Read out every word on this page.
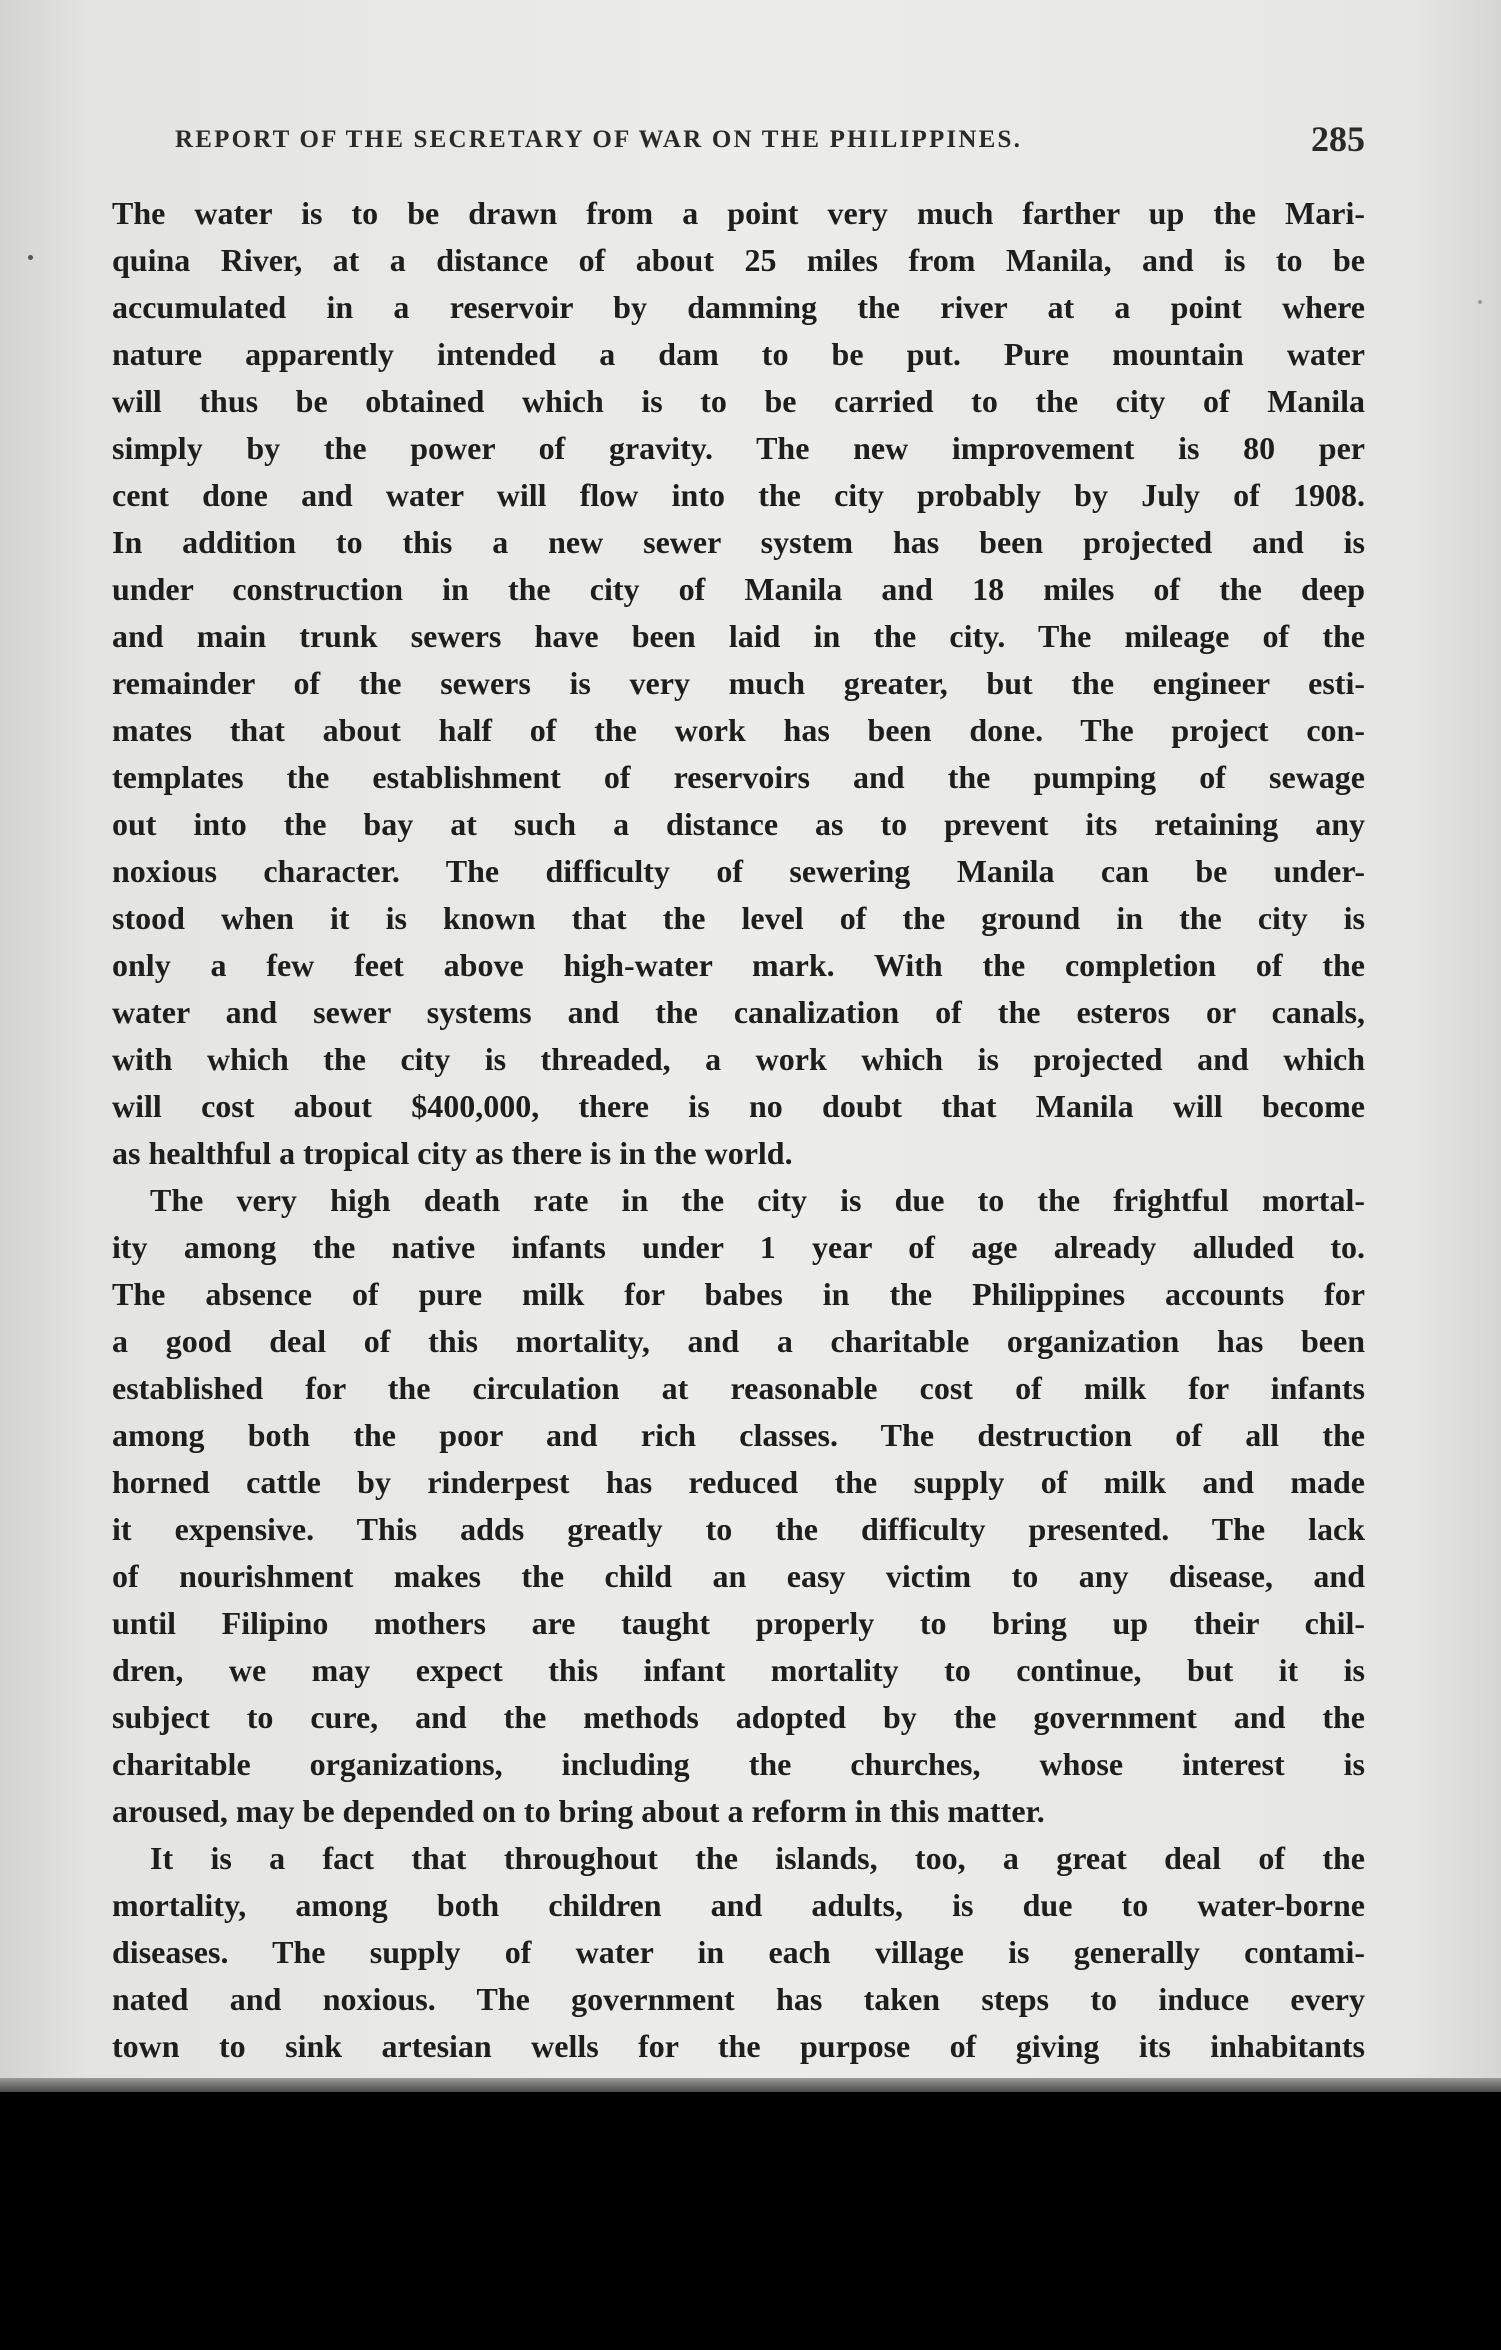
REPORT OF THE SECRETARY OF WAR ON THE PHILIPPINES.	285
The water is to be drawn from a point very much farther up the Mari-
quina River, at a distance of about 25 miles from Manila, and is to be
accumulated in a reservoir by damming the river at a point where
nature apparently intended a dam to be put. Pure mountain water
will thus be obtained which is to be carried to the city of Manila
simply by the power of gravity. The new improvement is 80 per
cent done and water will flow into the city probably by July of 1908.
In addition to this a new sewer system has been projected and is
under construction in the city of Manila and 18 miles of the deep
and main trunk sewers have been laid in the city. The mileage of the
remainder of the sewers is very much greater, but the engineer esti-
mates that about half of the work has been done. The project con-
templates the establishment of reservoirs and the pumping of sewage
out into the bay at such a distance as to prevent its retaining any
noxious character. The difficulty of sewering Manila can be under-
stood when it is known that the level of the ground in the city is
only a few feet above high-water mark. With the completion of the
water and sewer systems and the canalization of the esteros or canals,
with which the city is threaded, a work which is projected and which
will cost about $400,000, there is no doubt that Manila will become
as healthful a tropical city as there is in the world.
The very high death rate in the city is due to the frightful mortal-
ity among the native infants under 1 year of age already alluded to.
The absence of pure milk for babes in the Philippines accounts for
a good deal of this mortality, and a charitable organization has been
established for the circulation at reasonable cost of milk for infants
among both the poor and rich classes. The destruction of all the
horned cattle by rinderpest has reduced the supply of milk and made
it expensive. This adds greatly to the difficulty presented. The lack
of nourishment makes the child an easy victim to any disease, and
until Filipino mothers are taught properly to bring up their chil-
dren, we may expect this infant mortality to continue, but it is
subject to cure, and the methods adopted by the government and the
charitable organizations, including the churches, whose interest is
aroused, may be depended on to bring about a reform in this matter.
It is a fact that throughout the islands, too, a great deal of the
mortality, among both children and adults, is due to water-borne
diseases. The supply of water in each village is generally contami-
nated and noxious. The government has taken steps to induce every
town to sink artesian wells for the purpose of giving its inhabitants
